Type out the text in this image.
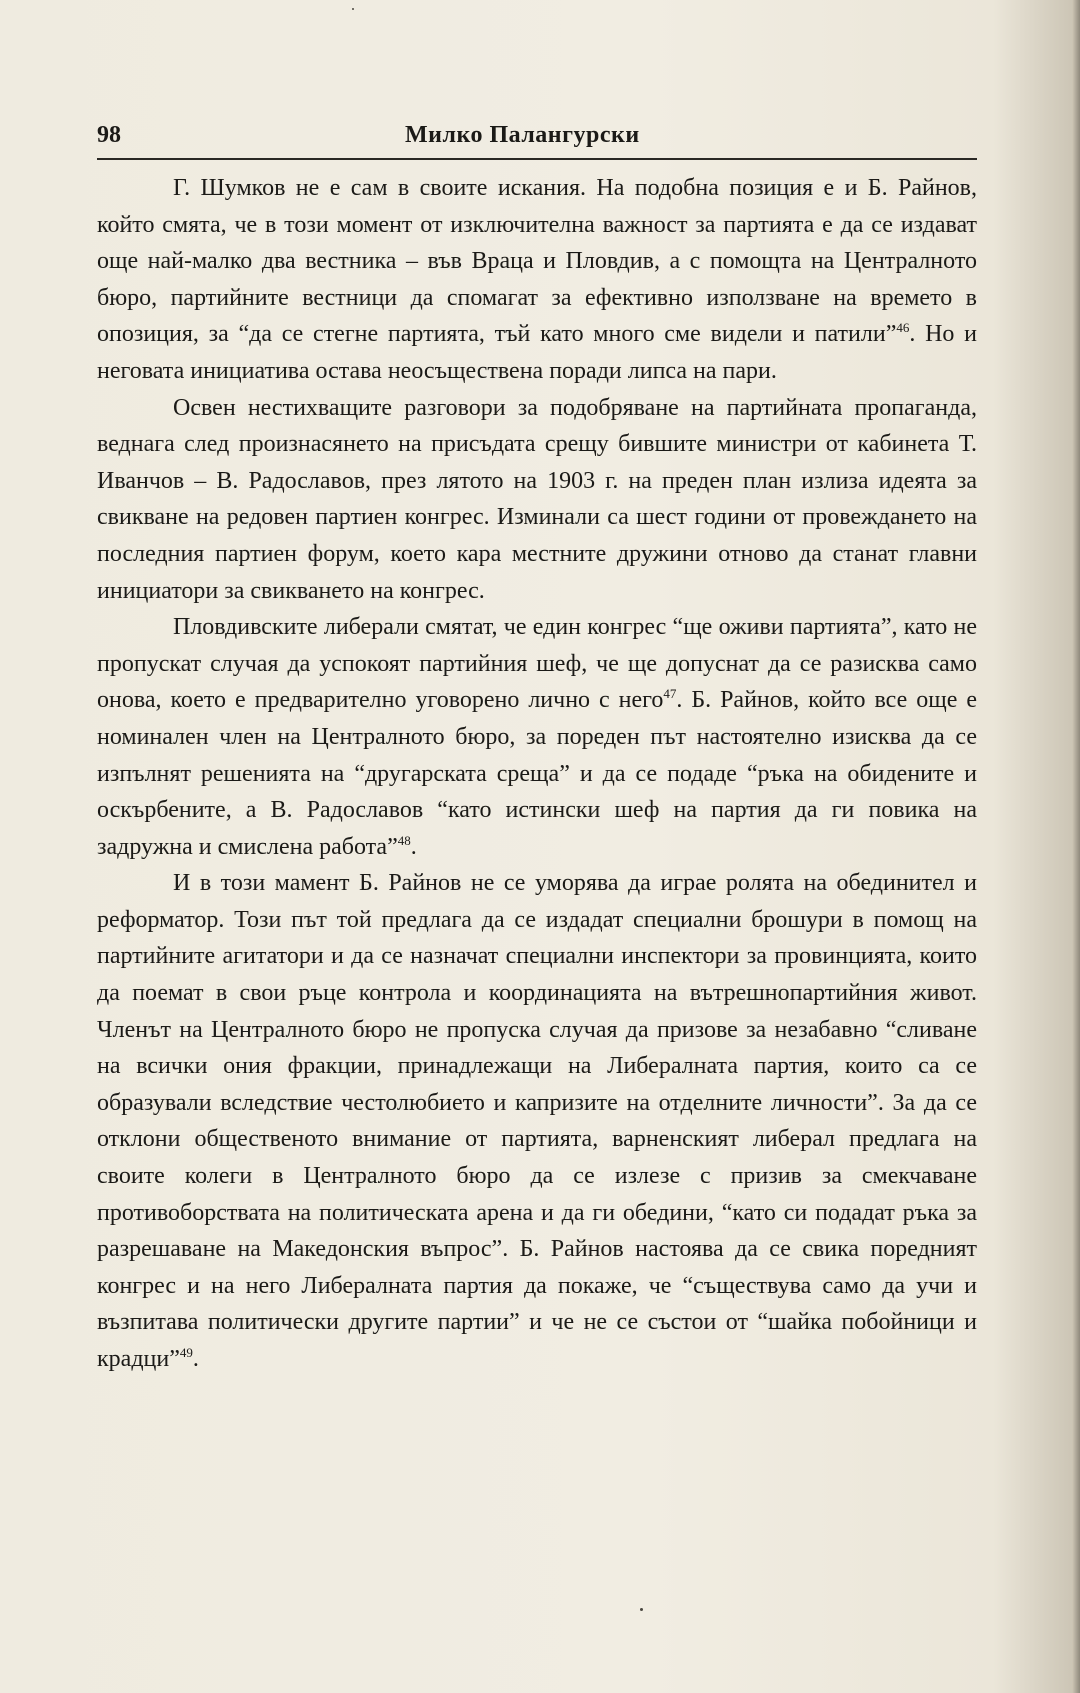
98	Милко Палангурски

Г. Шумков не е сам в своите искания. На подобна позиция е и Б. Райнов, който смята, че в този момент от изключителна важност за партията е да се издават още най-малко два вестника – във Враца и Пловдив, а с помощта на Централното бюро, партийните вестници да спомагат за ефективно използване на времето в опозиция, за “да се стегне партията, тъй като много сме видели и патили”$^{46}$. Но и неговата инициатива остава неосъществена поради липса на пари.

Освен нестихващите разговори за подобряване на партийната пропаганда, веднага след произнасянето на присъдата срещу бившите министри от кабинета Т. Иванчов – В. Радославов, през лятото на 1903 г. на преден план излиза идеята за свикване на редовен партиен конгрес. Изминали са шест години от провеждането на последния партиен форум, което кара местните дружини отново да станат главни инициатори за свикването на конгрес.

Пловдивските либерали смятат, че един конгрес “ще оживи партията”, като не пропускат случая да успокоят партийния шеф, че ще допуснат да се разисква само онова, което е предварително уговорено лично с него$^{47}$. Б. Райнов, който все още е номинален член на Централното бюро, за пореден път настоятелно изисква да се изпълнят решенията на “другарската среща” и да се подаде “ръка на обидените и оскърбените, а В. Радославов “като истински шеф на партия да ги повика на задружна и смислена работа”$^{48}$.

И в този мамент Б. Райнов не се уморява да играе ролята на обединител и реформатор. Този път той предлага да се издадат специални брошури в помощ на партийните агитатори и да се назначат специални инспектори за провинцията, които да поемат в свои ръце контрола и координацията на вътрешнопартийния живот. Членът на Централното бюро не пропуска случая да призове за незабавно “сливане на всички ония фракции, принадлежащи на Либералната партия, които са се образували вследствие честолюбието и капризите на отделните личности”. За да се отклони общественото внимание от партията, варненският либерал предлага на своите колеги в Централното бюро да се излезе с призив за смекчаване противоборствата на политическата арена и да ги обедини, “като си подадат ръка за разрешаване на Македонския въпрос”. Б. Райнов настоява да се свика поредният конгрес и на него Либералната партия да покаже, че “съществува само да учи и възпитава политически другите партии” и че не се състои от “шайка побойници и крадци”$^{49}$.
